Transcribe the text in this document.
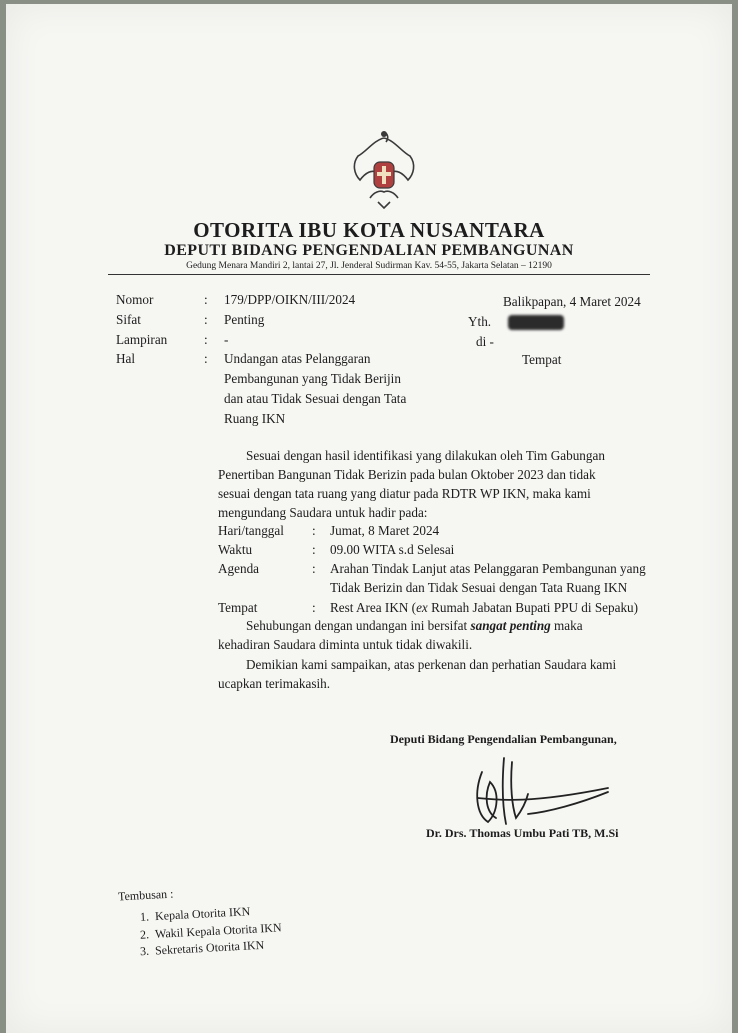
OTORITA IBU KOTA NUSANTARA
DEPUTI BIDANG PENGENDALIAN PEMBANGUNAN
Gedung Menara Mandiri 2, lantai 27, Jl. Jenderal Sudirman Kav. 54-55, Jakarta Selatan – 12190
Nomor	: 179/DPP/OIKN/III/2024
Sifat	: Penting
Lampiran	: -
Hal	: Undangan atas Pelanggaran
Pembangunan yang Tidak Berijin
dan atau Tidak Sesuai dengan Tata
Ruang IKN
Balikpapan, 4 Maret 2024
Yth.
di -
Tempat
Sesuai dengan hasil identifikasi yang dilakukan oleh Tim Gabungan
Penertiban Bangunan Tidak Berizin pada bulan Oktober 2023 dan tidak
sesuai dengan tata ruang yang diatur pada RDTR WP IKN, maka kami
mengundang Saudara untuk hadir pada:
Hari/tanggal : Jumat, 8 Maret 2024
Waktu	: 09.00 WITA s.d Selesai
Agenda	: Arahan Tindak Lanjut atas Pelanggaran Pembangunan yang
Tidak Berizin dan Tidak Sesuai dengan Tata Ruang IKN
Tempat	: Rest Area IKN (ex Rumah Jabatan Bupati PPU di Sepaku)
Sehubungan dengan undangan ini bersifat sangat penting maka
kehadiran Saudara diminta untuk tidak diwakili.
Demikian kami sampaikan, atas perkenan dan perhatian Saudara kami
ucapkan terimakasih.
Deputi Bidang Pengendalian Pembangunan,
Dr. Drs. Thomas Umbu Pati TB, M.Si
Tembusan :
1. Kepala Otorita IKN
2. Wakil Kepala Otorita IKN
3. Sekretaris Otorita IKN
